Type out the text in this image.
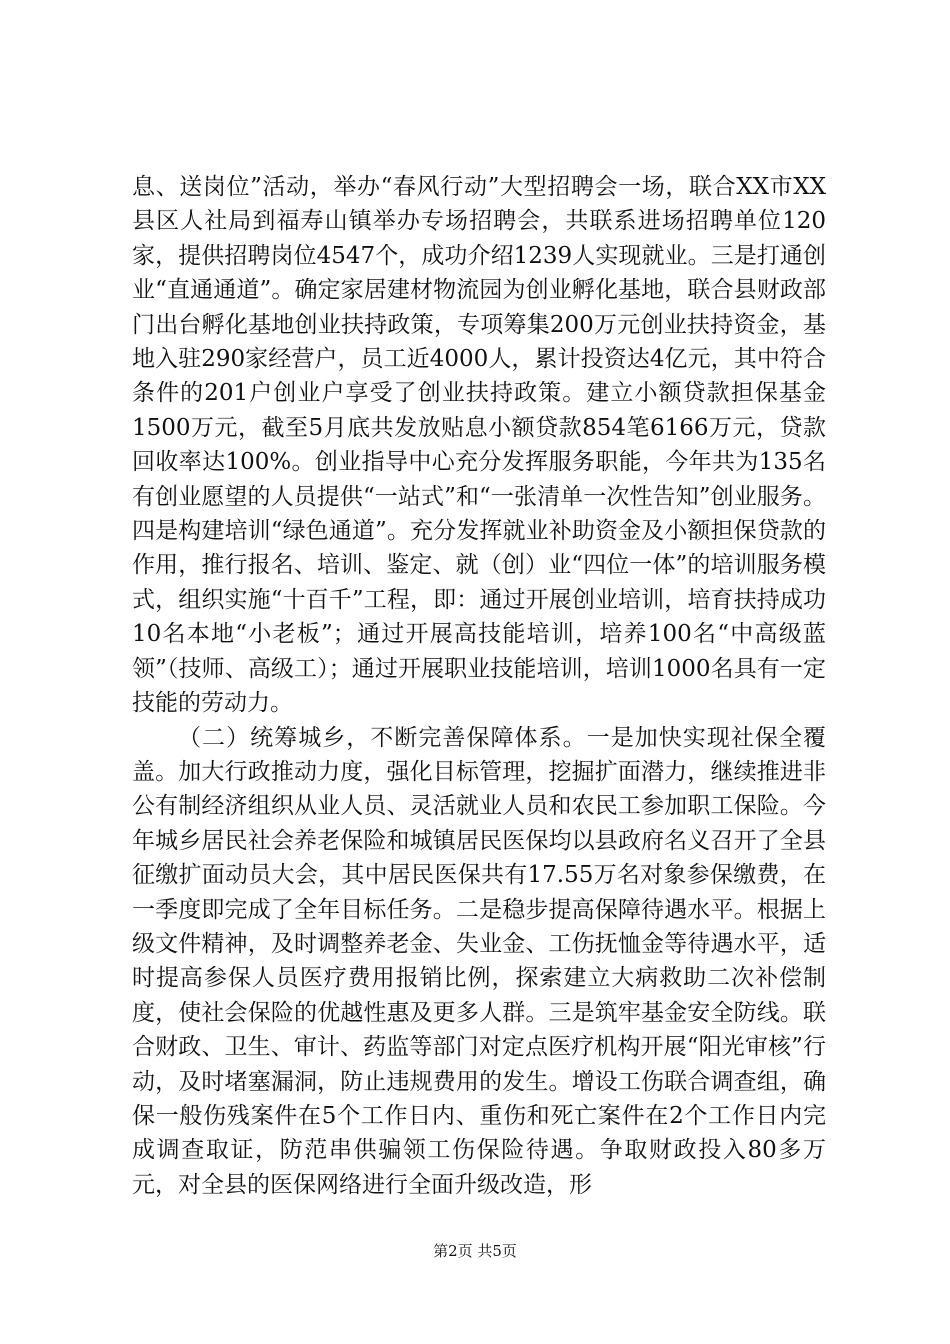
息、送岗位”活动，举办“春风行动”大型招聘会一场，联合XX市XX县区人社局到福寿山镇举办专场招聘会，共联系进场招聘单位120家，提供招聘岗位4547个，成功介绍1239人实现就业。三是打通创业“直通通道”。确定家居建材物流园为创业孵化基地，联合县财政部门出台孵化基地创业扶持政策，专项筹集200万元创业扶持资金，基地入驻290家经营户，员工近4000人，累计投资达4亿元，其中符合条件的201户创业户享受了创业扶持政策。建立小额贷款担保基金1500万元，截至5月底共发放贴息小额贷款854笔6166万元，贷款回收率达100%。创业指导中心充分发挥服务职能，今年共为135名有创业愿望的人员提供“一站式”和“一张清单一次性告知”创业服务。四是构建培训“绿色通道”。充分发挥就业补助资金及小额担保贷款的作用，推行报名、培训、鉴定、就（创）业“四位一体”的培训服务模式，组织实施“十百千”工程，即：通过开展创业培训，培育扶持成功10名本地“小老板”；通过开展高技能培训，培养100名“中高级蓝领”（技师、高级工）；通过开展职业技能培训，培训1000名具有一定技能的劳动力。

（二）统筹城乡，不断完善保障体系。一是加快实现社保全覆盖。加大行政推动力度，强化目标管理，挖掘扩面潜力，继续推进非公有制经济组织从业人员、灵活就业人员和农民工参加职工保险。今年城乡居民社会养老保险和城镇居民医保均以县政府名义召开了全县征缴扩面动员大会，其中居民医保共有17.55万名对象参保缴费，在一季度即完成了全年目标任务。二是稳步提高保障待遇水平。根据上级文件精神，及时调整养老金、失业金、工伤抚恤金等待遇水平，适时提高参保人员医疗费用报销比例，探索建立大病救助二次补偿制度，使社会保险的优越性惠及更多人群。三是筑牢基金安全防线。联合财政、卫生、审计、药监等部门对定点医疗机构开展“阳光审核”行动，及时堵塞漏洞，防止违规费用的发生。增设工伤联合调查组，确保一般伤残案件在5个工作日内、重伤和死亡案件在2个工作日内完成调查取证，防范串供骗领工伤保险待遇。争取财政投入80多万元，对全县的医保网络进行全面升级改造，形

第2页 共5页
